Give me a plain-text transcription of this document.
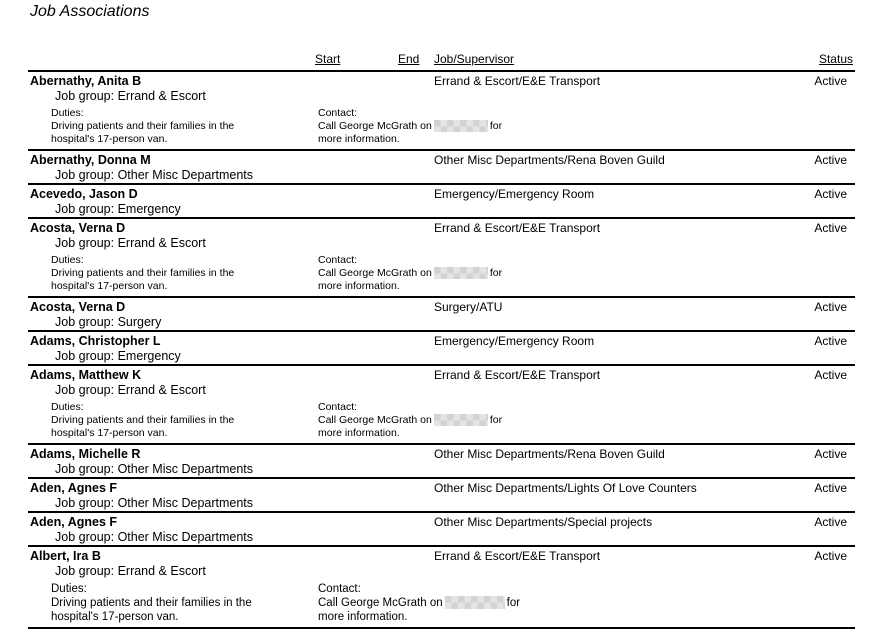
Job Associations
Start	End Job/Supervisor	Status
Abernathy, Anita B	Errand & Escort/E&E Transport	Active
Job group: Errand & Escort
Duties:
Driving patients and their families in the
hospital's 17-person van.
Contact:
Call George McGrath on	for
more information.
Abernathy, Donna M	Other Misc Departments/Rena Boven Guild	Active
Job group: Other Misc Departments
Acevedo, Jason D	Emergency/Emergency Room	Active
Job group: Emergency
Acosta, Verna D	Errand & Escort/E&E Transport	Active
Job group: Errand & Escort
Duties:
Driving patients and their families in the
hospital's 17-person van.
Contact:
Call George McGrath on	for
more information.
Acosta, Verna D	Surgery/ATU	Active
Job group: Surgery
Adams, Christopher L	Emergency/Emergency Room	Active
Job group: Emergency
Adams, Matthew K	Errand & Escort/E&E Transport	Active
Job group: Errand & Escort
Duties:
Driving patients and their families in the
hospital's 17-person van.
Contact:
Call George McGrath on	for
more information.
Adams, Michelle R	Other Misc Departments/Rena Boven Guild	Active
Job group: Other Misc Departments
Aden, Agnes F	Other Misc Departments/Lights Of Love Counters	Active
Job group: Other Misc Departments
Aden, Agnes F	Other Misc Departments/Special projects	Active
Job group: Other Misc Departments
Albert, Ira B	Errand & Escort/E&E Transport	Active
Job group: Errand & Escort
Duties:
Driving patients and their families in the
hospital's 17-person van.
Contact:
Call George McGrath on	for
more information.
